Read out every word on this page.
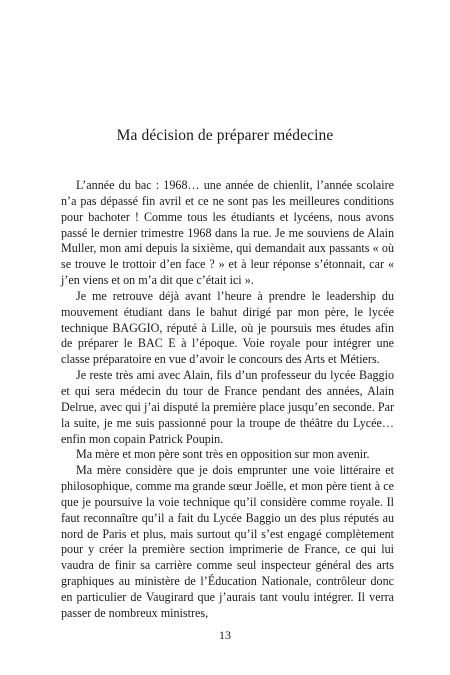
Ma décision de préparer médecine

L’année du bac : 1968… une année de chienlit, l’année scolaire n’a pas dépassé fin avril et ce ne sont pas les meilleures conditions pour bachoter ! Comme tous les étudiants et lycéens, nous avons passé le dernier trimestre 1968 dans la rue. Je me souviens de Alain Muller, mon ami depuis la sixième, qui demandait aux passants « où se trouve le trottoir d’en face ? » et à leur réponse s’étonnait, car « j’en viens et on m’a dit que c’était ici ».

Je me retrouve déjà avant l’heure à prendre le leadership du mouvement étudiant dans le bahut dirigé par mon père, le lycée technique BAGGIO, réputé à Lille, où je poursuis mes études afin de préparer le BAC E à l’époque. Voie royale pour intégrer une classe préparatoire en vue d’avoir le concours des Arts et Métiers.

Je reste très ami avec Alain, fils d’un professeur du lycée Baggio et qui sera médecin du tour de France pendant des années, Alain Delrue, avec qui j’ai disputé la première place jusqu’en seconde. Par la suite, je me suis passionné pour la troupe de théâtre du Lycée… enfin mon copain Patrick Poupin.

Ma mère et mon père sont très en opposition sur mon avenir.

Ma mère considère que je dois emprunter une voie littéraire et philosophique, comme ma grande sœur Joëlle, et mon père tient à ce que je poursuive la voie technique qu’il considère comme royale. Il faut reconnaître qu’il a fait du Lycée Baggio un des plus réputés au nord de Paris et plus, mais surtout qu’il s’est engagé complètement pour y créer la première section imprimerie de France, ce qui lui vaudra de finir sa carrière comme seul inspecteur général des arts graphiques au ministère de l’Éducation Nationale, contrôleur donc en particulier de Vaugirard que j’aurais tant voulu intégrer. Il verra passer de nombreux ministres,

13
